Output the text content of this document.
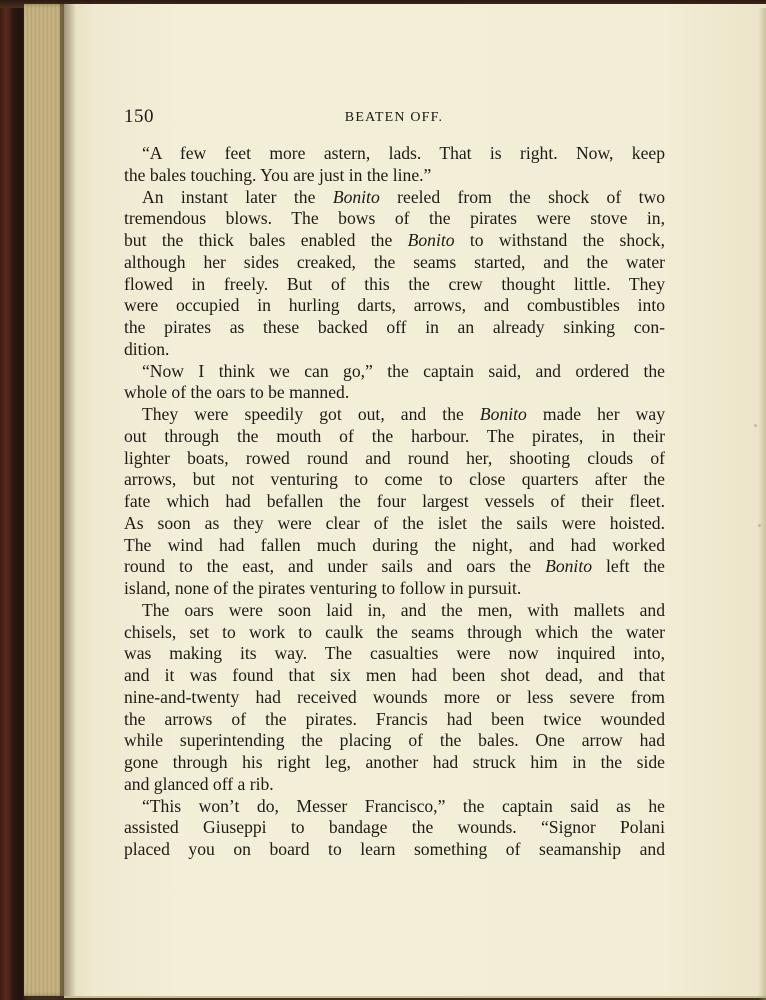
150	BEATEN OFF.
“A few feet more astern, lads. That is right. Now, keep
the bales touching. You are just in the line.”
An instant later the Bonito reeled from the shock of two
tremendous blows. The bows of the pirates were stove in,
but the thick bales enabled the Bonito to withstand the shock,
although her sides creaked, the seams started, and the water
flowed in freely. But of this the crew thought little. They
were occupied in hurling darts, arrows, and combustibles into
the pirates as these backed off in an already sinking con-
dition.
“Now I think we can go,” the captain said, and ordered the
whole of the oars to be manned.
They were speedily got out, and the Bonito made her way
out through the mouth of the harbour. The pirates, in their
lighter boats, rowed round and round her, shooting clouds of
arrows, but not venturing to come to close quarters after the
fate which had befallen the four largest vessels of their fleet.
As soon as they were clear of the islet the sails were hoisted.
The wind had fallen much during the night, and had worked
round to the east, and under sails and oars the Bonito left the
island, none of the pirates venturing to follow in pursuit.
The oars were soon laid in, and the men, with mallets and
chisels, set to work to caulk the seams through which the water
was making its way. The casualties were now inquired into,
and it was found that six men had been shot dead, and that
nine-and-twenty had received wounds more or less severe from
the arrows of the pirates. Francis had been twice wounded
while superintending the placing of the bales. One arrow had
gone through his right leg, another had struck him in the side
and glanced off a rib.
“This won’t do, Messer Francisco,” the captain said as he
assisted Giuseppi to bandage the wounds. “Signor Polani
placed you on board to learn something of seamanship and
